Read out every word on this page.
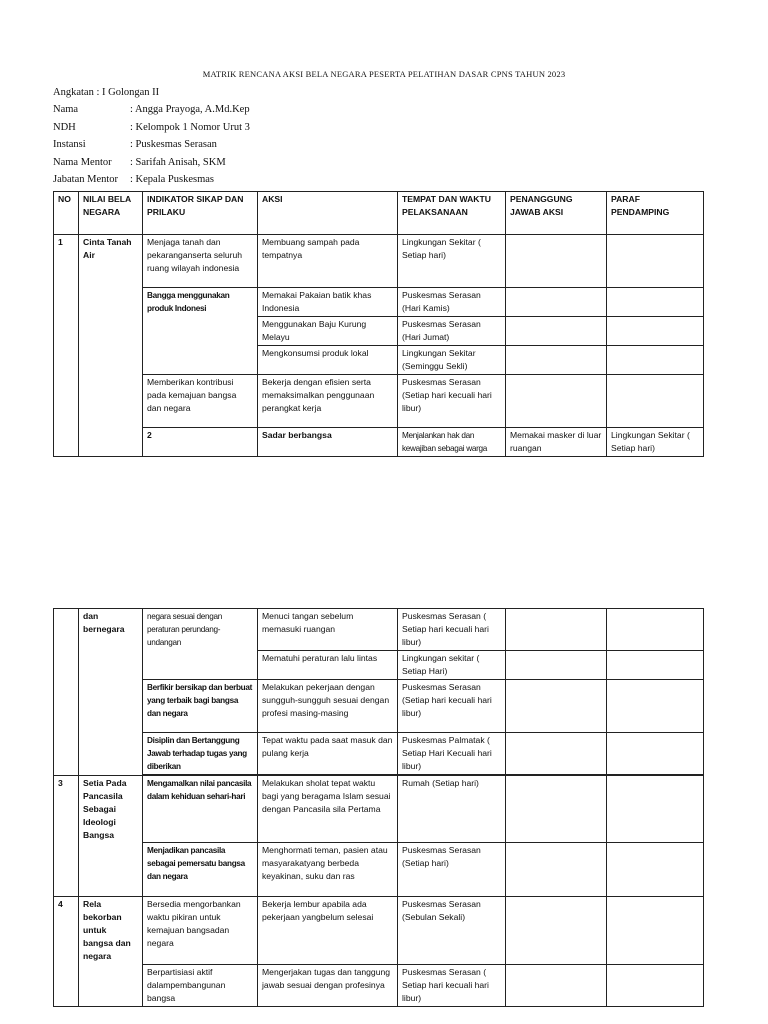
MATRIK RENCANA AKSI BELA NEGARA PESERTA PELATIHAN DASAR CPNS TAHUN 2023
Angkatan : I Golongan II
Nama	: Angga Prayoga, A.Md.Kep
NDH	: Kelompok 1 Nomor Urut 3
Instansi	: Puskesmas Serasan
Nama Mentor	: Sarifah Anisah, SKM
Jabatan Mentor	: Kepala Puskesmas
NO	NILAI BELA NEGARA	INDIKATOR SIKAP DAN PRILAKU	AKSI	TEMPAT DAN WAKTU PELAKSANAAN	PENANGGUNG JAWAB AKSI	PARAF PENDAMPING	
1	Cinta Tanah Air	Menjaga tanah dan pekaranganserta seluruh ruang wilayah indonesia	Membuang sampah pada tempatnya	Lingkungan Sekitar ( Setiap hari)			
		Bangga menggunakan produk Indonesi	Memakai Pakaian batik khas Indonesia	Puskesmas Serasan (Hari Kamis)			
			Menggunakan Baju Kurung Melayu	Puskesmas Serasan (Hari Jumat)			
			Mengkonsumsi produk lokal	Lingkungan Sekitar (Seminggu Sekli)			
		Memberikan kontribusi pada kemajuan bangsa dan negara	Bekerja dengan efisien serta memaksimalkan penggunaan perangkat kerja	Puskesmas Serasan (Setiap hari kecuali hari libur)			
		2	Sadar berbangsa	Menjalankan hak dan kewajiban sebagai warga	Memakai masker di luar ruangan	Lingkungan Sekitar ( Setiap hari)		
	dan bernegara	negara sesuai dengan peraturan perundang-undangan	Menuci tangan sebelum memasuki ruangan	Puskesmas Serasan ( Setiap hari kecuali hari libur)		
			Mematuhi peraturan lalu lintas	Lingkungan sekitar ( Setiap Hari)		
		Berfikir bersikap dan berbuat yang terbaik bagi bangsa dan negara	Melakukan pekerjaan dengan sungguh-sungguh sesuai dengan profesi masing-masing	Puskesmas Serasan (Setiap hari kecuali hari libur)		
		Disiplin dan Bertanggung Jawab terhadap tugas yang diberikan	Tepat waktu pada saat masuk dan pulang kerja	Puskesmas Palmatak ( Setiap Hari Kecuali hari libur)		

3	Setia Pada Pancasila Sebagai Ideologi Bangsa	Mengamalkan nilai pancasila dalam kehiduan sehari-hari	Melakukan sholat tepat waktu bagi yang beragama Islam sesuai dengan Pancasila sila Pertama	Rumah (Setiap hari)		
		Menjadikan pancasila sebagai pemersatu bangsa dan negara	Menghormati teman, pasien atau masyarakatyang berbeda keyakinan, suku dan ras	Puskesmas Serasan (Setiap hari)		
4	Rela bekorban untuk bangsa dan negara	Bersedia mengorbankan waktu pikiran untuk kemajuan bangsadan negara	Bekerja lembur apabila ada pekerjaan yangbelum selesai	Puskesmas Serasan (Sebulan Sekali)		
		Berpartisiasi aktif dalampembangunan bangsa	Mengerjakan tugas dan tanggung jawab sesuai dengan profesinya	Puskesmas Serasan ( Setiap hari kecuali hari libur)		
